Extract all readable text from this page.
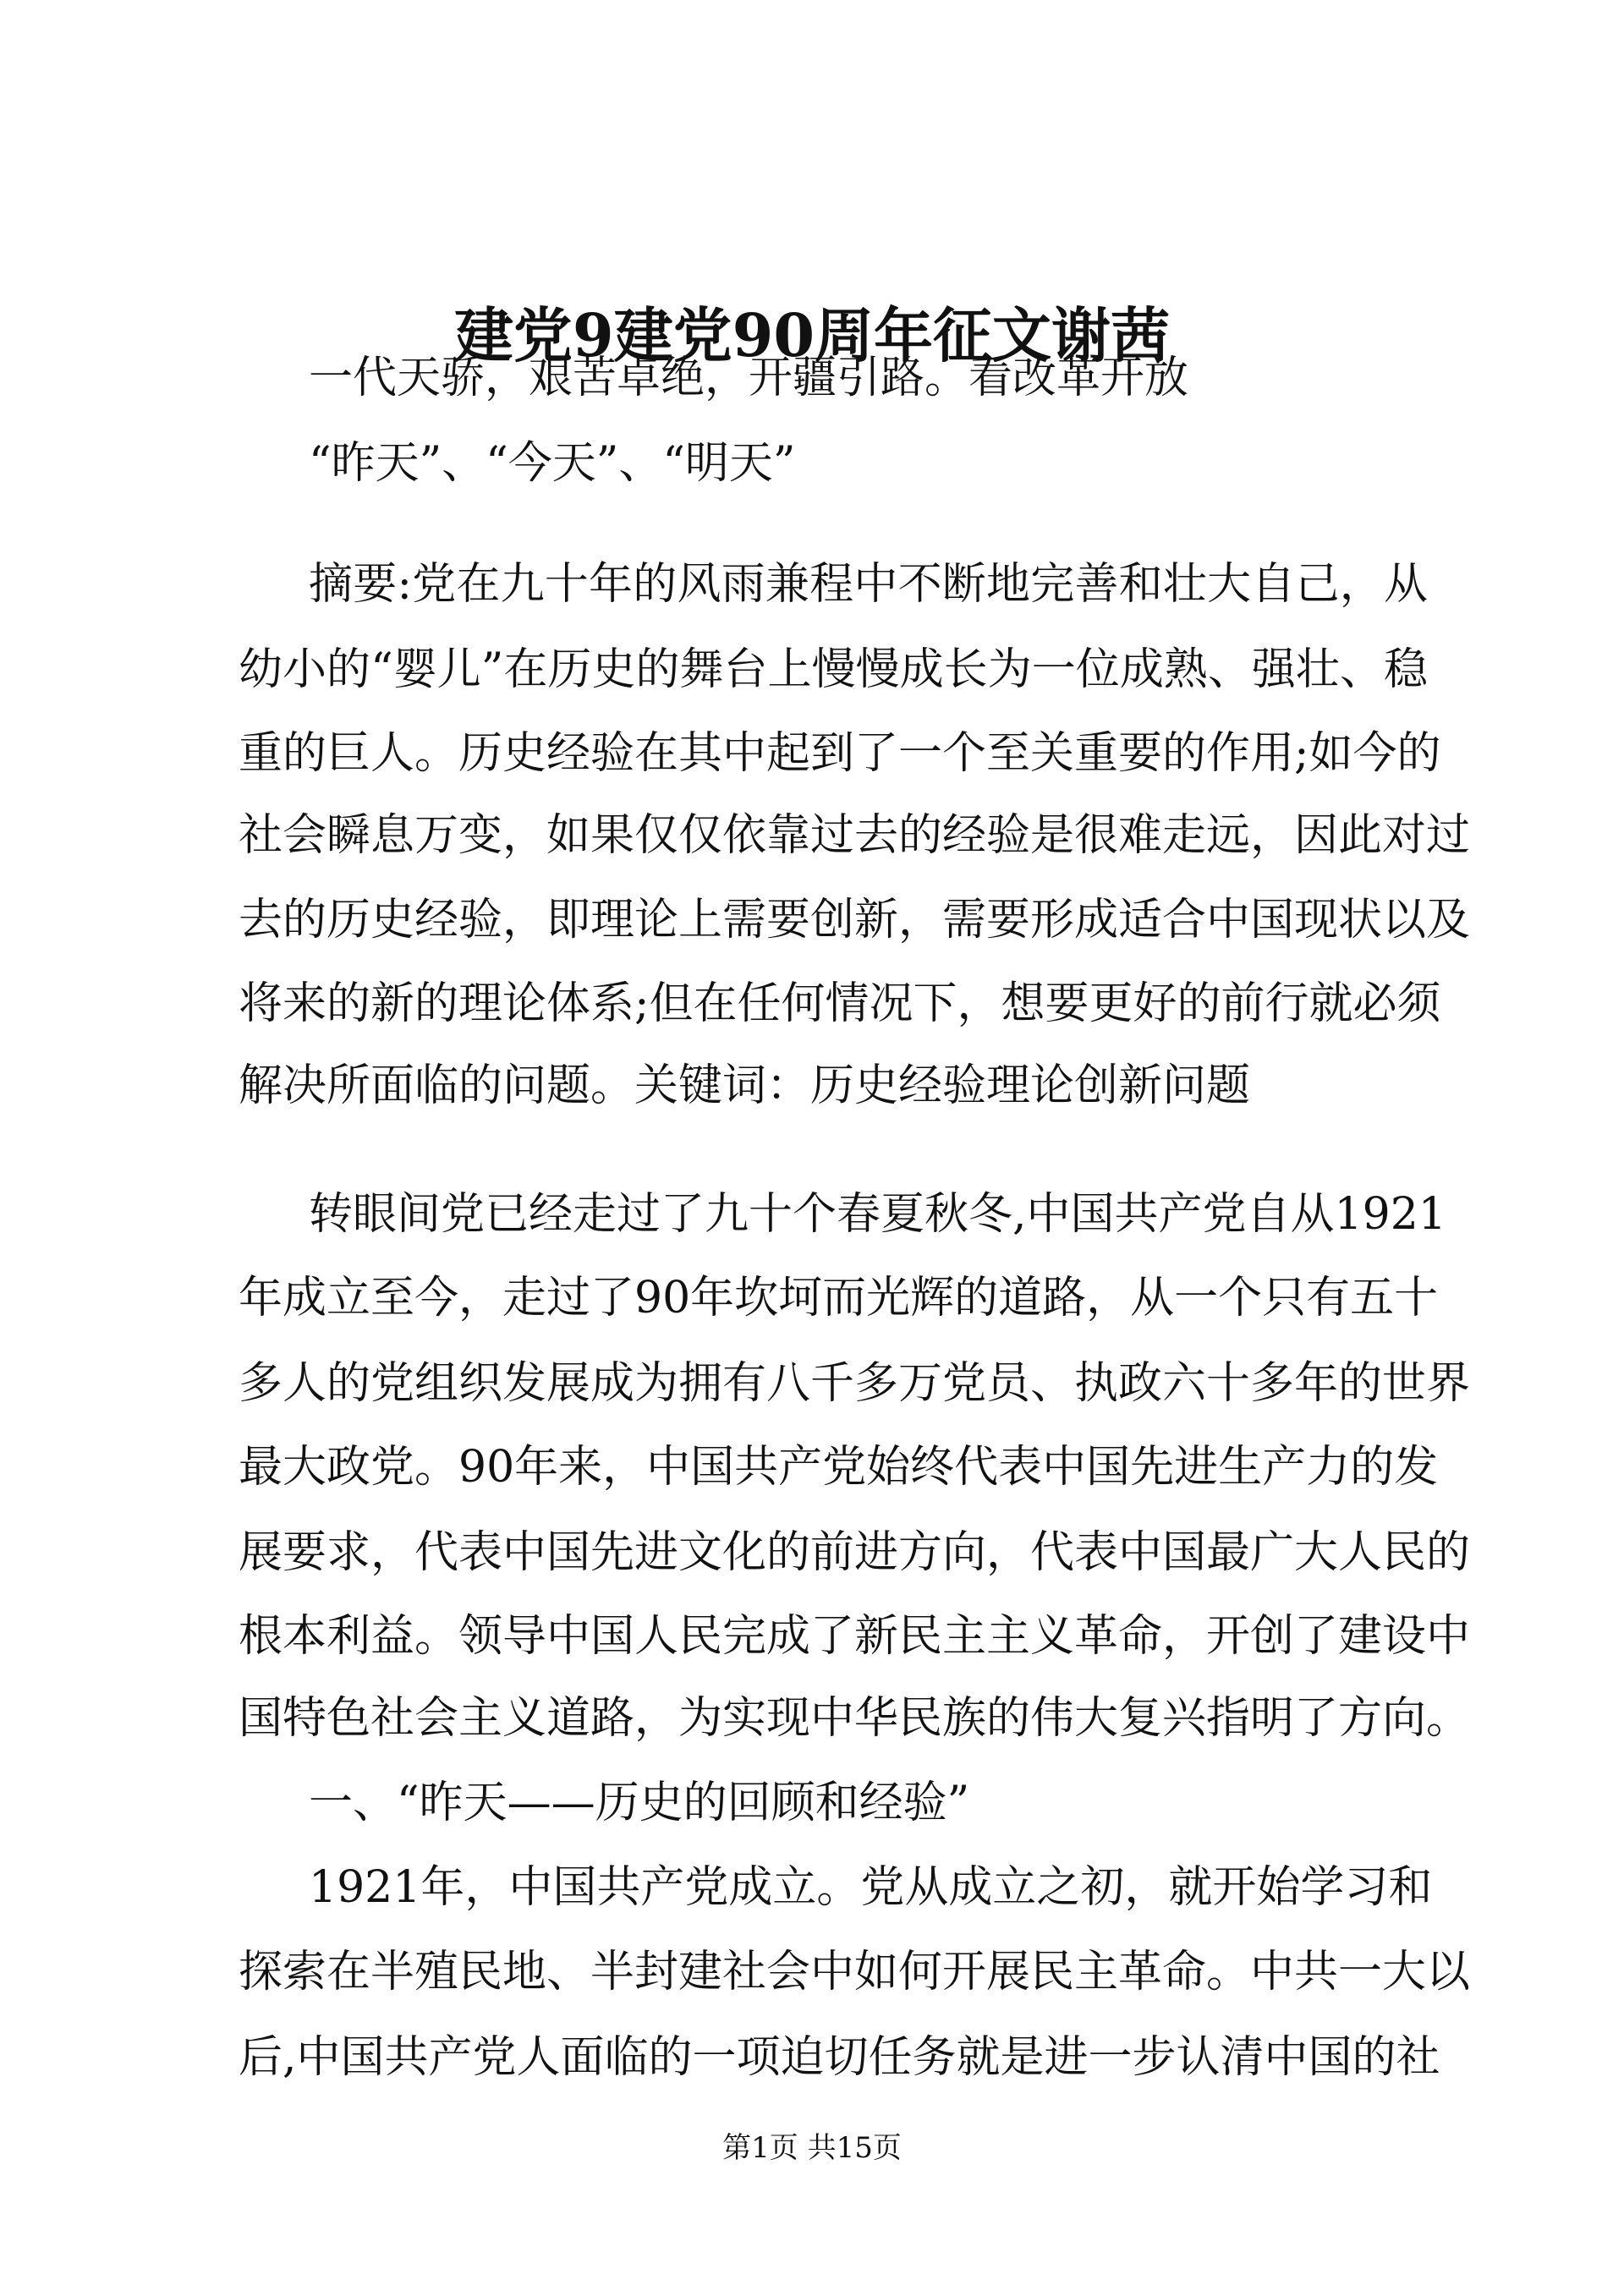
建党9建党90周年征文谢茜
一代天骄，艰苦卓绝，开疆引路。看改革开放
“昨天”、“今天”、“明天”
摘要:党在九十年的风雨兼程中不断地完善和壮大自己，从
幼小的“婴儿”在历史的舞台上慢慢成长为一位成熟、强壮、稳
重的巨人。历史经验在其中起到了一个至关重要的作用;如今的
社会瞬息万变，如果仅仅依靠过去的经验是很难走远，因此对过
去的历史经验，即理论上需要创新，需要形成适合中国现状以及
将来的新的理论体系;但在任何情况下，想要更好的前行就必须
解决所面临的问题。关键词：历史经验理论创新问题
转眼间党已经走过了九十个春夏秋冬,中国共产党自从1921
年成立至今，走过了90年坎坷而光辉的道路，从一个只有五十
多人的党组织发展成为拥有八千多万党员、执政六十多年的世界
最大政党。90年来，中国共产党始终代表中国先进生产力的发
展要求，代表中国先进文化的前进方向，代表中国最广大人民的
根本利益。领导中国人民完成了新民主主义革命，开创了建设中
国特色社会主义道路，为实现中华民族的伟大复兴指明了方向。
一、“昨天——历史的回顾和经验”
1921年，中国共产党成立。党从成立之初，就开始学习和
探索在半殖民地、半封建社会中如何开展民主革命。中共一大以
后,中国共产党人面临的一项迫切任务就是进一步认清中国的社
第1页 共15页
